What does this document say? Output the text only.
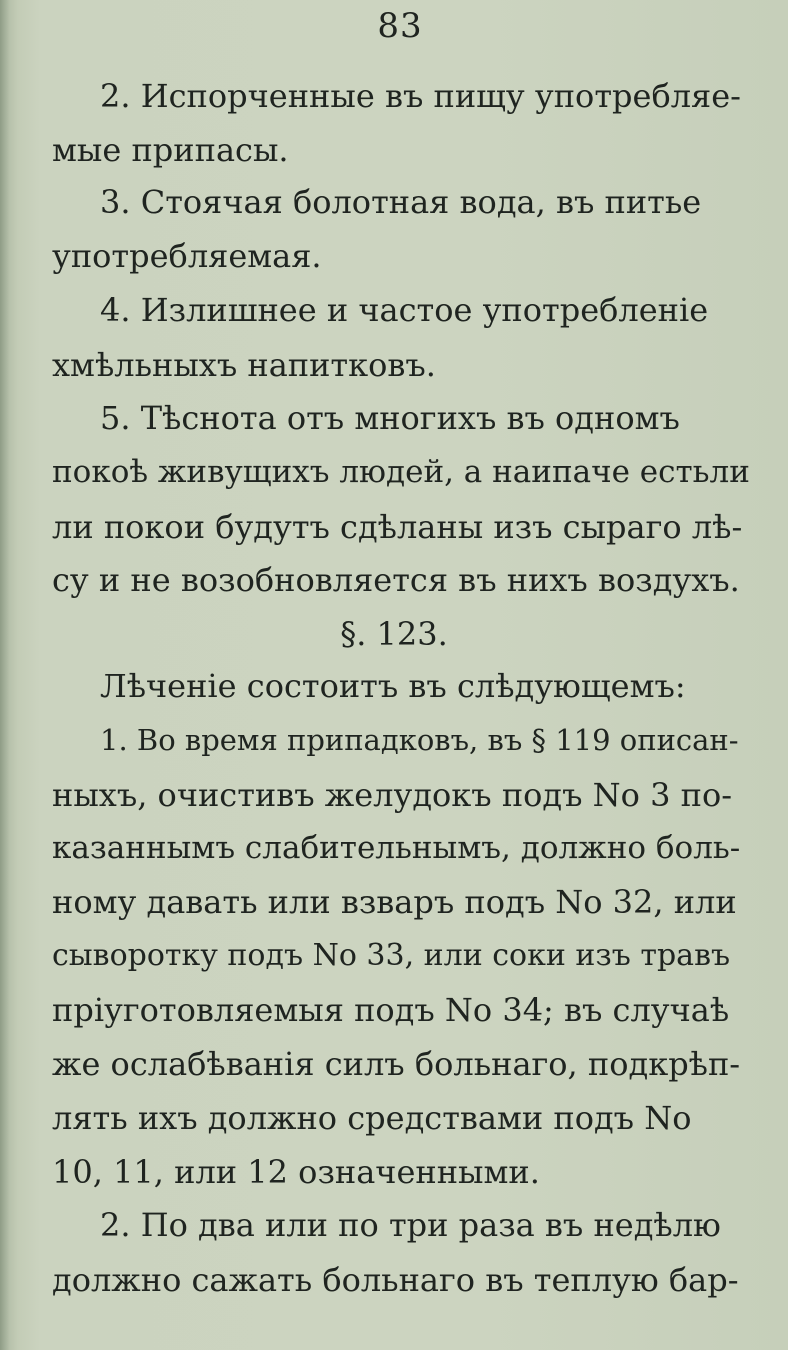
83
2. Испорченные въ пищу употребляе-
мые припасы.
3. Стоячая болотная вода, въ питье
употребляемая.
4. Излишнее и частое употребленіе
хмѣльныхъ напитковъ.
5. Тѣснота отъ многихъ въ одномъ
покоѣ живущихъ людей, а наипаче естьли
ли покои будутъ сдѣланы изъ сыраго лѣ-
су и не возобновляется въ нихъ воздухъ.
§. 123.
Лѣченіе состоитъ въ слѣдующемъ:
1. Во время припадковъ, въ § 119 описан-
ныхъ, очистивъ желудокъ подъ No 3 по-
казаннымъ слабительнымъ, должно боль-
ному давать или взваръ подъ No 32, или
сывоpотку подъ No 33, или соки изъ травъ
пріуготовляемыя подъ No 34; въ случаѣ
же ослабѣванія силъ больнаго, подкрѣп-
лять ихъ должно средствами подъ No
10, 11, или 12 означенными.
2. По два или по три раза въ недѣлю
должно сажать больнаго въ теплую бар-
